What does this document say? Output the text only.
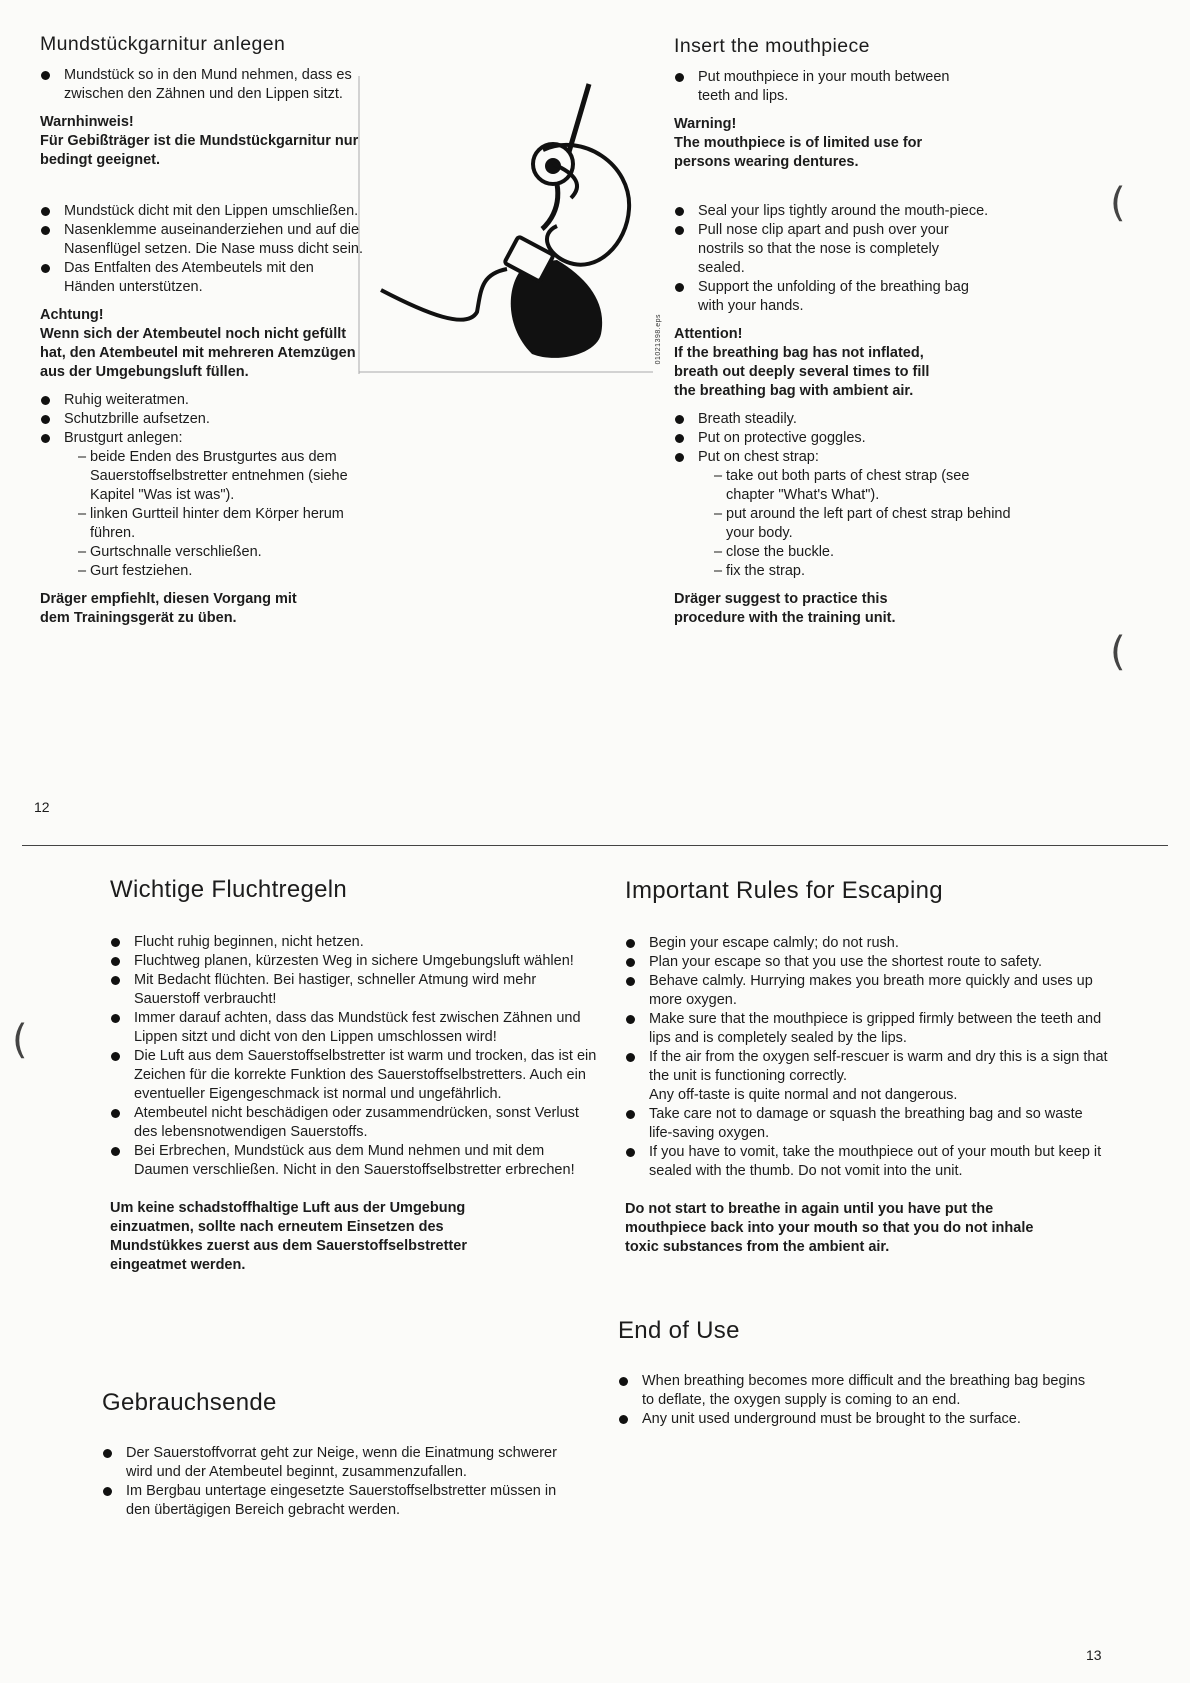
Mundstückgarnitur anlegen
Mundstück so in den Mund nehmen, dass es zwischen den Zähnen und den Lippen sitzt.

Warnhinweis!

Für Gebißträger ist die Mundstückgarnitur nur bedingt geeignet.

Mundstück dicht mit den Lippen umschließen.
Nasenklemme auseinanderziehen und auf die Nasenflügel setzen. Die Nase muss dicht sein.
Das Entfalten des Atembeutels mit den Händen unterstützen.

Achtung!

Wenn sich der Atembeutel noch nicht gefüllt hat, den Atembeutel mit mehreren Atemzügen aus der Umgebungsluft füllen.

Ruhig weiteratmen.
Schutzbrille aufsetzen.
Brustgurt anlegen:
– beide Enden des Brustgurtes aus dem Sauerstoffselbstretter entnehmen (siehe Kapitel "Was ist was").
– linken Gurtteil hinter dem Körper herum führen.
– Gurtschnalle verschließen.
– Gurt festziehen.

Dräger empfiehlt, diesen Vorgang mit dem Trainingsgerät zu üben.

01021398.eps
Insert the mouthpiece
Put mouthpiece in your mouth between teeth and lips.

Warning!

The mouthpiece is of limited use for persons wearing dentures.

Seal your lips tightly around the mouth-piece.
Pull nose clip apart and push over your nostrils so that the nose is completely sealed.
Support the unfolding of the breathing bag with your hands.

Attention!

If the breathing bag has not inflated, breath out deeply several times to fill the breathing bag with ambient air.

Breath steadily.
Put on protective goggles.
Put on chest strap:
– take out both parts of chest strap (see chapter "What's What").
– put around the left part of chest strap behind your body.
– close the buckle.
– fix the strap.

Dräger suggest to practice this procedure with the training unit.

(
(
12
(
Wichtige Fluchtregeln
Flucht ruhig beginnen, nicht hetzen.
Fluchtweg planen, kürzesten Weg in sichere Umgebungsluft wählen!
Mit Bedacht flüchten. Bei hastiger, schneller Atmung wird mehr Sauerstoff verbraucht!
Immer darauf achten, dass das Mundstück fest zwischen Zähnen und Lippen sitzt und dicht von den Lippen umschlossen wird!
Die Luft aus dem Sauerstoffselbstretter ist warm und trocken, das ist ein Zeichen für die korrekte Funktion des Sauerstoffselbstretters. Auch ein eventueller Eigengeschmack ist normal und ungefährlich.
Atembeutel nicht beschädigen oder zusammendrücken, sonst Verlust des lebensnotwendigen Sauerstoffs.
Bei Erbrechen, Mundstück aus dem Mund nehmen und mit dem Daumen verschließen. Nicht in den Sauerstoffselbstretter erbrechen!

Um keine schadstoffhaltige Luft aus der Umgebung einzuatmen, sollte nach erneutem Einsetzen des Mundstükkes zuerst aus dem Sauerstoffselbstretter eingeatmet werden.

Gebrauchsende
Der Sauerstoffvorrat geht zur Neige, wenn die Einatmung schwerer wird und der Atembeutel beginnt, zusammenzufallen.
Im Bergbau untertage eingesetzte Sauerstoffselbstretter müssen in den übertägigen Bereich gebracht werden.
Important Rules for Escaping
Begin your escape calmly; do not rush.
Plan your escape so that you use the shortest route to safety.
Behave calmly. Hurrying makes you breath more quickly and uses up more oxygen.
Make sure that the mouthpiece is gripped firmly between the teeth and lips and is completely sealed by the lips.
If the air from the oxygen self-rescuer is warm and dry this is a sign that the unit is functioning correctly.
Any off-taste is quite normal and not dangerous.
Take care not to damage or squash the breathing bag and so waste life-saving oxygen.
If you have to vomit, take the mouthpiece out of your mouth but keep it sealed with the thumb. Do not vomit into the unit.

Do not start to breathe in again until you have put the mouthpiece back into your mouth so that you do not inhale toxic substances from the ambient air.

End of Use
When breathing becomes more difficult and the breathing bag begins to deflate, the oxygen supply is coming to an end.
Any unit used underground must be brought to the surface.
13
